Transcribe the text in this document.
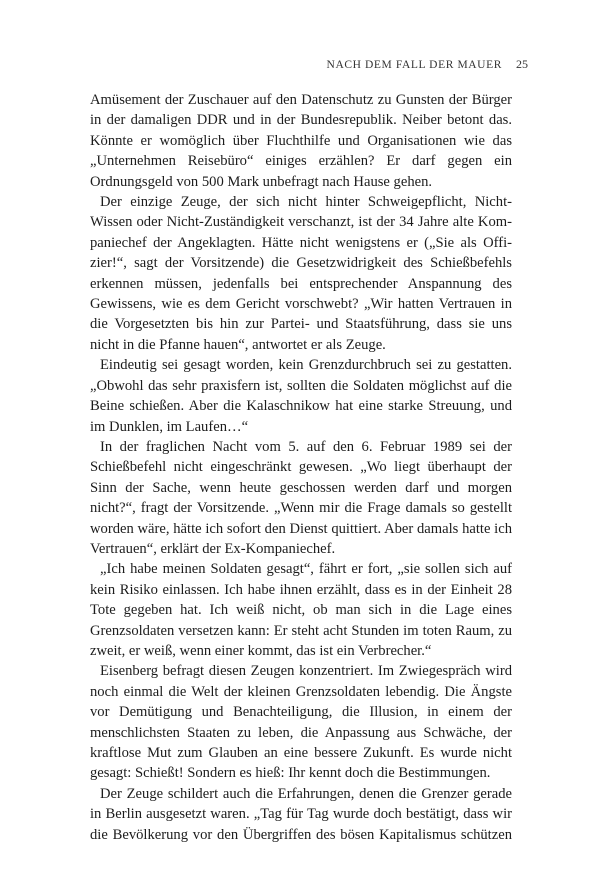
NACH DEM FALL DER MAUER 25

Amüsement der Zuschauer auf den Datenschutz zu Gunsten der Bürger in der damaligen DDR und in der Bundesrepublik. Neiber betont das. Könnte er womöglich über Fluchthilfe und Organisationen wie das „Unternehmen Reisebüro“ einiges erzählen? Er darf gegen ein Ordnungsgeld von 500 Mark unbefragt nach Hause gehen.

Der einzige Zeuge, der sich nicht hinter Schweigepflicht, Nicht-Wissen oder Nicht-Zuständigkeit verschanzt, ist der 34 Jahre alte Kompaniechef der Angeklagten. Hätte nicht wenigstens er („Sie als Offizier!“, sagt der Vorsitzende) die Gesetzwidrigkeit des Schießbefehls erkennen müssen, jedenfalls bei entsprechender Anspannung des Gewissens, wie es dem Gericht vorschwebt? „Wir hatten Vertrauen in die Vorgesetzten bis hin zur Partei- und Staatsführung, dass sie uns nicht in die Pfanne hauen“, antwortet er als Zeuge.

Eindeutig sei gesagt worden, kein Grenzdurchbruch sei zu gestatten. „Obwohl das sehr praxisfern ist, sollten die Soldaten möglichst auf die Beine schießen. Aber die Kalaschnikow hat eine starke Streuung, und im Dunklen, im Laufen…“

In der fraglichen Nacht vom 5. auf den 6. Februar 1989 sei der Schießbefehl nicht eingeschränkt gewesen. „Wo liegt überhaupt der Sinn der Sache, wenn heute geschossen werden darf und morgen nicht?“, fragt der Vorsitzende. „Wenn mir die Frage damals so gestellt worden wäre, hätte ich sofort den Dienst quittiert. Aber damals hatte ich Vertrauen“, erklärt der Ex-Kompaniechef.

„Ich habe meinen Soldaten gesagt“, fährt er fort, „sie sollen sich auf kein Risiko einlassen. Ich habe ihnen erzählt, dass es in der Einheit 28 Tote gegeben hat. Ich weiß nicht, ob man sich in die Lage eines Grenzsoldaten versetzen kann: Er steht acht Stunden im toten Raum, zu zweit, er weiß, wenn einer kommt, das ist ein Verbrecher.“

Eisenberg befragt diesen Zeugen konzentriert. Im Zwiegespräch wird noch einmal die Welt der kleinen Grenzsoldaten lebendig. Die Ängste vor Demütigung und Benachteiligung, die Illusion, in einem der menschlichsten Staaten zu leben, die Anpassung aus Schwäche, der kraftlose Mut zum Glauben an eine bessere Zukunft. Es wurde nicht gesagt: Schießt! Sondern es hieß: Ihr kennt doch die Bestimmungen.

Der Zeuge schildert auch die Erfahrungen, denen die Grenzer gerade in Berlin ausgesetzt waren. „Tag für Tag wurde doch bestätigt, dass wir die Bevölkerung vor den Übergriffen des bösen Kapitalismus schützen
